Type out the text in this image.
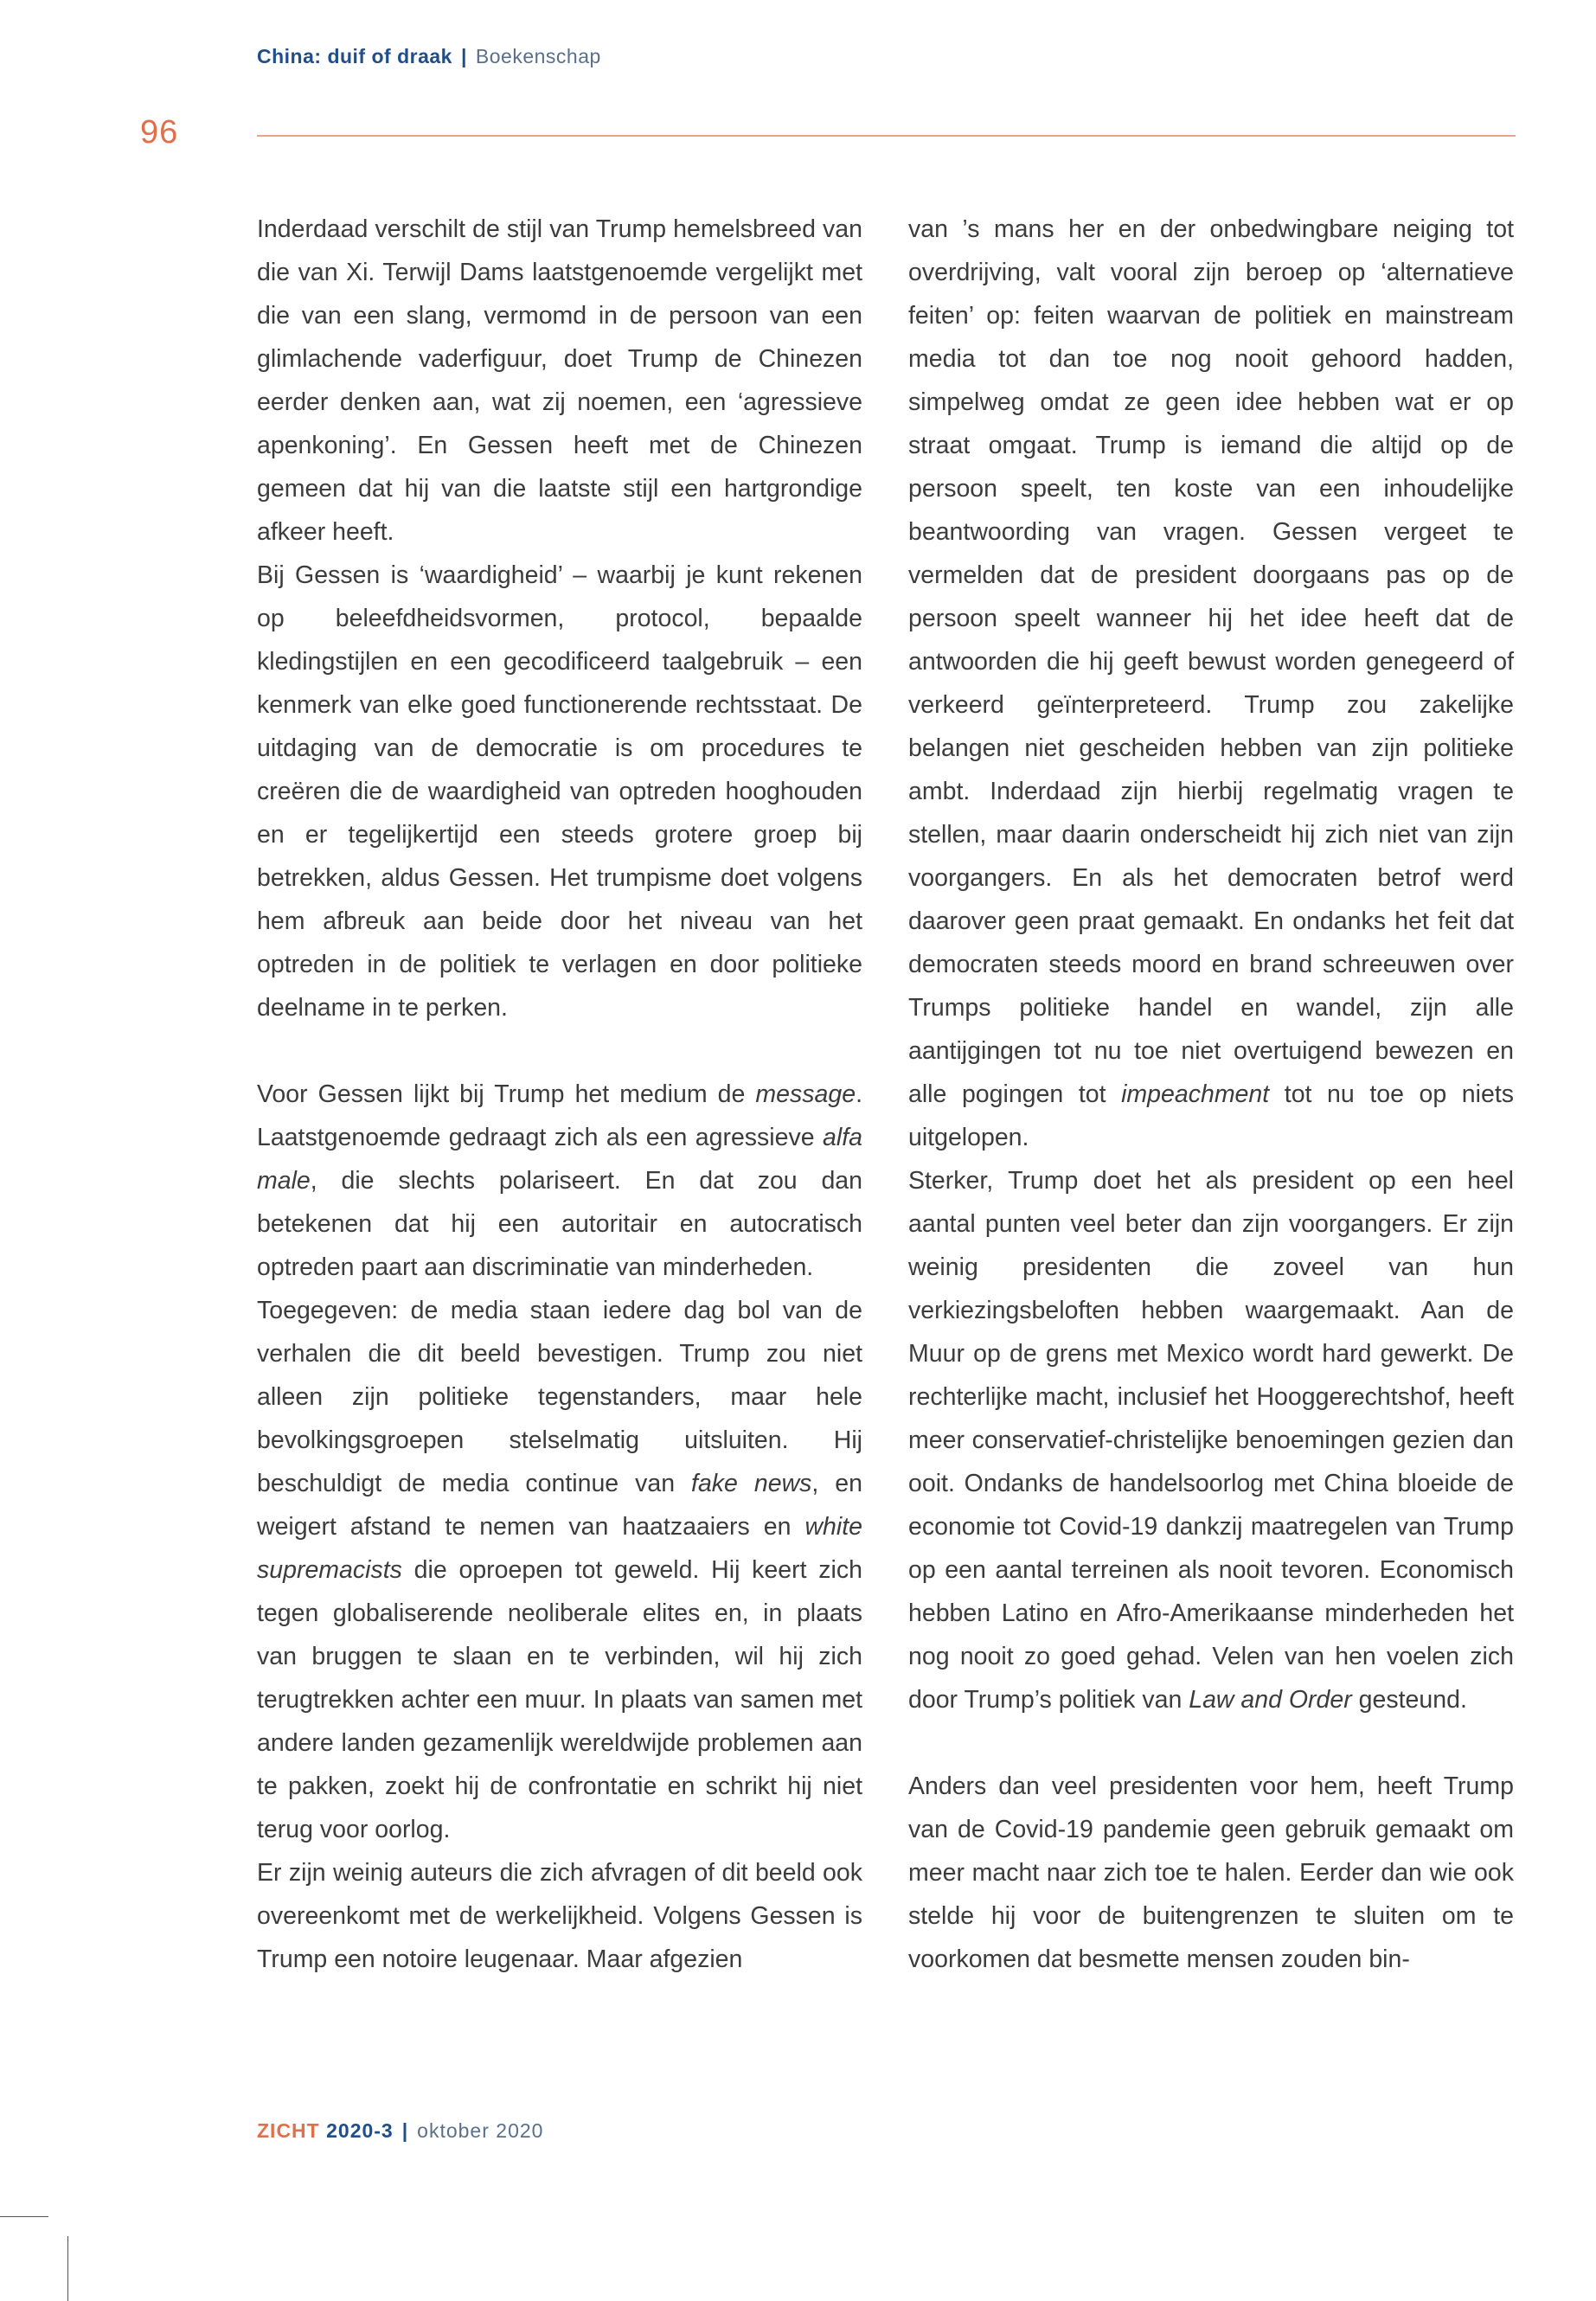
China: duif of draak | Boekenschap
96

Inderdaad verschilt de stijl van Trump hemelsbreed van die van Xi. Terwijl Dams laatstgenoemde vergelijkt met die van een slang, vermomd in de persoon van een glimlachende vaderfiguur, doet Trump de Chinezen eerder denken aan, wat zij noemen, een ‘agressieve apenkoning’. En Gessen heeft met de Chinezen gemeen dat hij van die laatste stijl een hartgrondige afkeer heeft.

Bij Gessen is ‘waardigheid’ – waarbij je kunt rekenen op beleefdheidsvormen, protocol, bepaalde kledingstijlen en een gecodificeerd taalgebruik – een kenmerk van elke goed functionerende rechtsstaat. De uitdaging van de democratie is om procedures te creëren die de waardigheid van optreden hooghouden en er tegelijkertijd een steeds grotere groep bij betrekken, aldus Gessen. Het trumpisme doet volgens hem afbreuk aan beide door het niveau van het optreden in de politiek te verlagen en door politieke deelname in te perken.

Voor Gessen lijkt bij Trump het medium de message. Laatstgenoemde gedraagt zich als een agressieve alfa male, die slechts polariseert. En dat zou dan betekenen dat hij een autoritair en autocratisch optreden paart aan discriminatie van minderheden.

Toegegeven: de media staan iedere dag bol van de verhalen die dit beeld bevestigen. Trump zou niet alleen zijn politieke tegenstanders, maar hele bevolkingsgroepen stelselmatig uitsluiten. Hij beschuldigt de media continue van fake news, en weigert afstand te nemen van haatzaaiers en white supremacists die oproepen tot geweld. Hij keert zich tegen globaliserende neoliberale elites en, in plaats van bruggen te slaan en te verbinden, wil hij zich terugtrekken achter een muur. In plaats van samen met andere landen gezamenlijk wereldwijde problemen aan te pakken, zoekt hij de confrontatie en schrikt hij niet terug voor oorlog.

Er zijn weinig auteurs die zich afvragen of dit beeld ook overeenkomt met de werkelijkheid. Volgens Gessen is Trump een notoire leugenaar. Maar afgezien

van ’s mans her en der onbedwingbare neiging tot overdrijving, valt vooral zijn beroep op ‘alternatieve feiten’ op: feiten waarvan de politiek en mainstream media tot dan toe nog nooit gehoord hadden, simpelweg omdat ze geen idee hebben wat er op straat omgaat. Trump is iemand die altijd op de persoon speelt, ten koste van een inhoudelijke beantwoording van vragen. Gessen vergeet te vermelden dat de president doorgaans pas op de persoon speelt wanneer hij het idee heeft dat de antwoorden die hij geeft bewust worden genegeerd of verkeerd geïnterpreteerd. Trump zou zakelijke belangen niet gescheiden hebben van zijn politieke ambt. Inderdaad zijn hierbij regelmatig vragen te stellen, maar daarin onderscheidt hij zich niet van zijn voorgangers. En als het democraten betrof werd daarover geen praat gemaakt. En ondanks het feit dat democraten steeds moord en brand schreeuwen over Trumps politieke handel en wandel, zijn alle aantijgingen tot nu toe niet overtuigend bewezen en alle pogingen tot impeachment tot nu toe op niets uitgelopen.

Sterker, Trump doet het als president op een heel aantal punten veel beter dan zijn voorgangers. Er zijn weinig presidenten die zoveel van hun verkiezingsbeloften hebben waargemaakt. Aan de Muur op de grens met Mexico wordt hard gewerkt. De rechterlijke macht, inclusief het Hooggerechtshof, heeft meer conservatief-christelijke benoemingen gezien dan ooit. Ondanks de handelsoorlog met China bloeide de economie tot Covid-19 dankzij maatregelen van Trump op een aantal terreinen als nooit tevoren. Economisch hebben Latino en Afro-Amerikaanse minderheden het nog nooit zo goed gehad. Velen van hen voelen zich door Trump’s politiek van Law and Order gesteund.

Anders dan veel presidenten voor hem, heeft Trump van de Covid-19 pandemie geen gebruik gemaakt om meer macht naar zich toe te halen. Eerder dan wie ook stelde hij voor de buitengrenzen te sluiten om te voorkomen dat besmette mensen zouden bin-

ZICHT 2020-3 | oktober 2020
